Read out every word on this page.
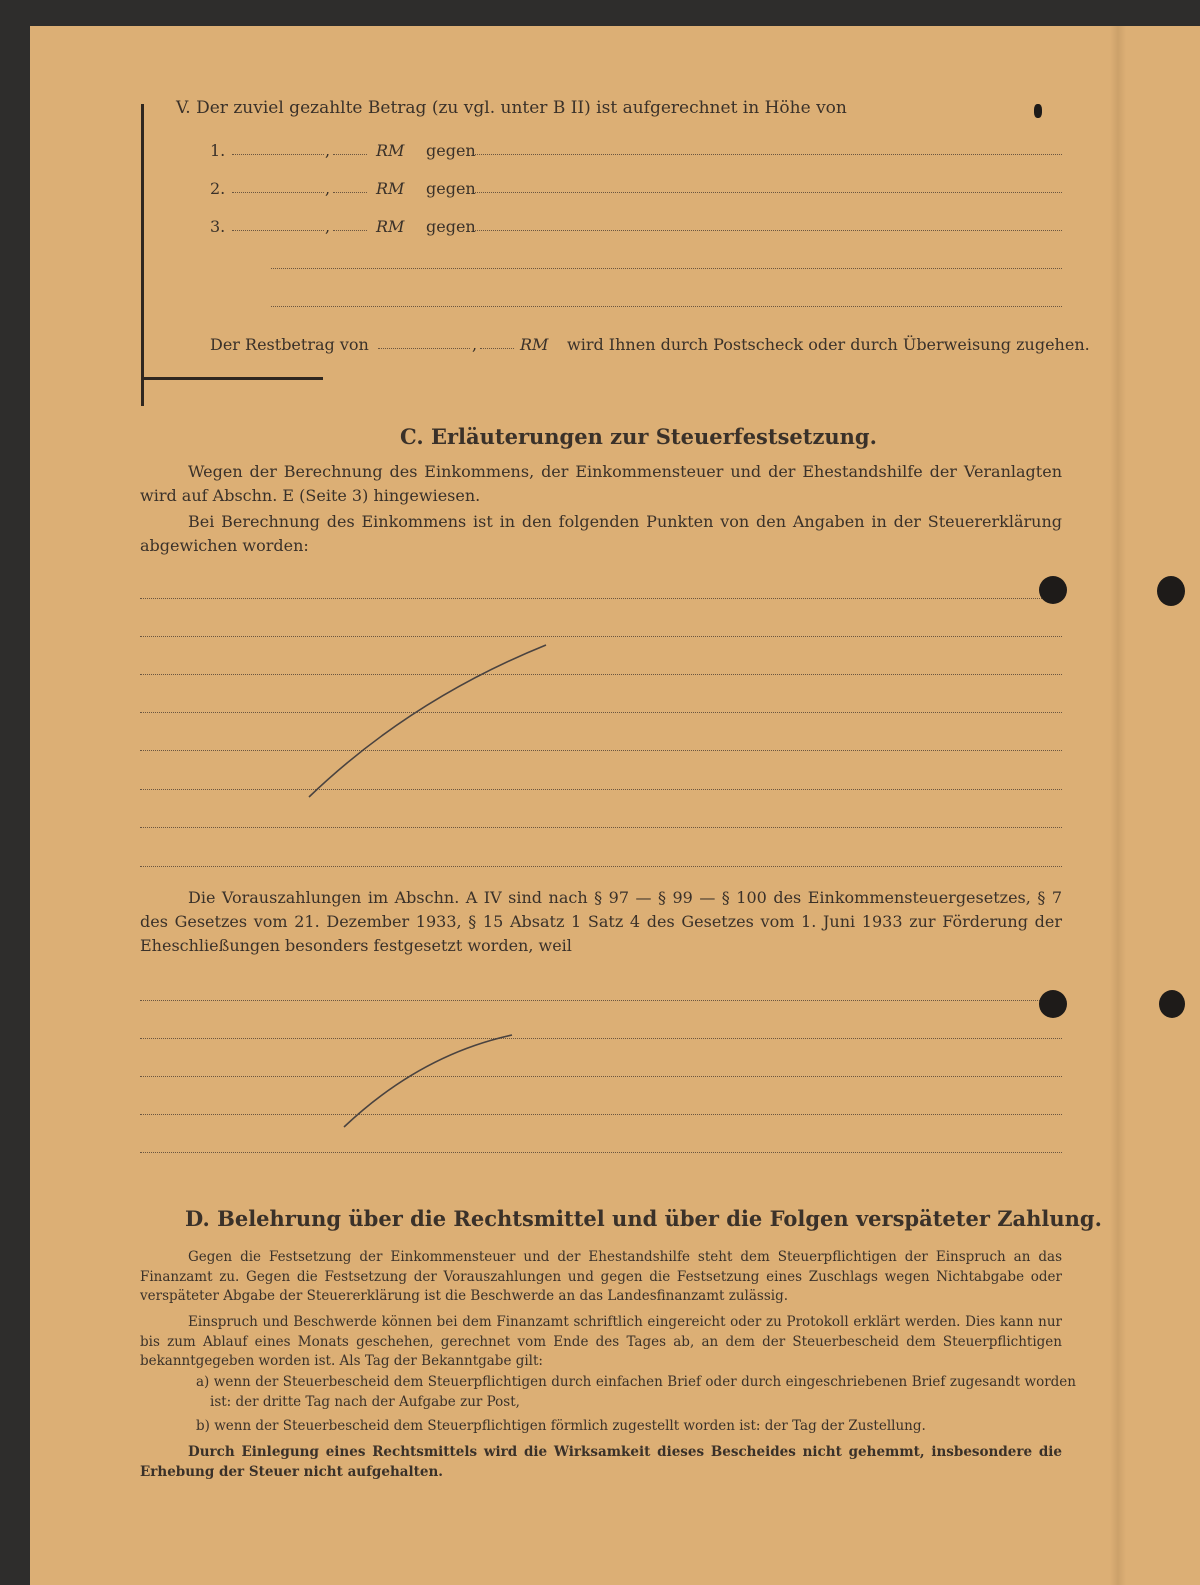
V. Der zuviel gezahlte Betrag (zu vgl. unter B II) ist aufgerechnet in Höhe von
1.	,	RM gegen
2.	,	RM gegen
3.	,	RM gegen
Der Restbetrag von	,	RM wird Ihnen durch Postscheck oder durch Überweisung zugehen.
C. Erläuterungen zur Steuerfestsetzung.
Wegen der Berechnung des Einkommens, der Einkommensteuer und der Ehestandshilfe der Veranlagten wird auf Abschn. E (Seite 3) hingewiesen.
Bei Berechnung des Einkommens ist in den folgenden Punkten von den Angaben in der Steuererklärung abgewichen worden:
Die Vorauszahlungen im Abschn. A IV sind nach § 97 — § 99 — § 100 des Einkommensteuergesetzes, § 7 des Gesetzes vom 21. Dezember 1933, § 15 Absatz 1 Satz 4 des Gesetzes vom 1. Juni 1933 zur Förderung der Eheschließungen besonders festgesetzt worden, weil
D. Belehrung über die Rechtsmittel und über die Folgen verspäteter Zahlung.
Gegen die Festsetzung der Einkommensteuer und der Ehestandshilfe steht dem Steuerpflichtigen der Einspruch an das Finanzamt zu. Gegen die Festsetzung der Vorauszahlungen und gegen die Festsetzung eines Zuschlags wegen Nichtabgabe oder verspäteter Abgabe der Steuererklärung ist die Beschwerde an das Landesfinanzamt zulässig.
Einspruch und Beschwerde können bei dem Finanzamt schriftlich eingereicht oder zu Protokoll erklärt werden. Dies kann nur bis zum Ablauf eines Monats geschehen, gerechnet vom Ende des Tages ab, an dem der Steuerbescheid dem Steuerpflichtigen bekanntgegeben worden ist. Als Tag der Bekanntgabe gilt:
a) wenn der Steuerbescheid dem Steuerpflichtigen durch einfachen Brief oder durch eingeschriebenen Brief zugesandt worden ist: der dritte Tag nach der Aufgabe zur Post,
b) wenn der Steuerbescheid dem Steuerpflichtigen förmlich zugestellt worden ist: der Tag der Zustellung.
Durch Einlegung eines Rechtsmittels wird die Wirksamkeit dieses Bescheides nicht gehemmt, insbesondere die Erhebung der Steuer nicht aufgehalten.
